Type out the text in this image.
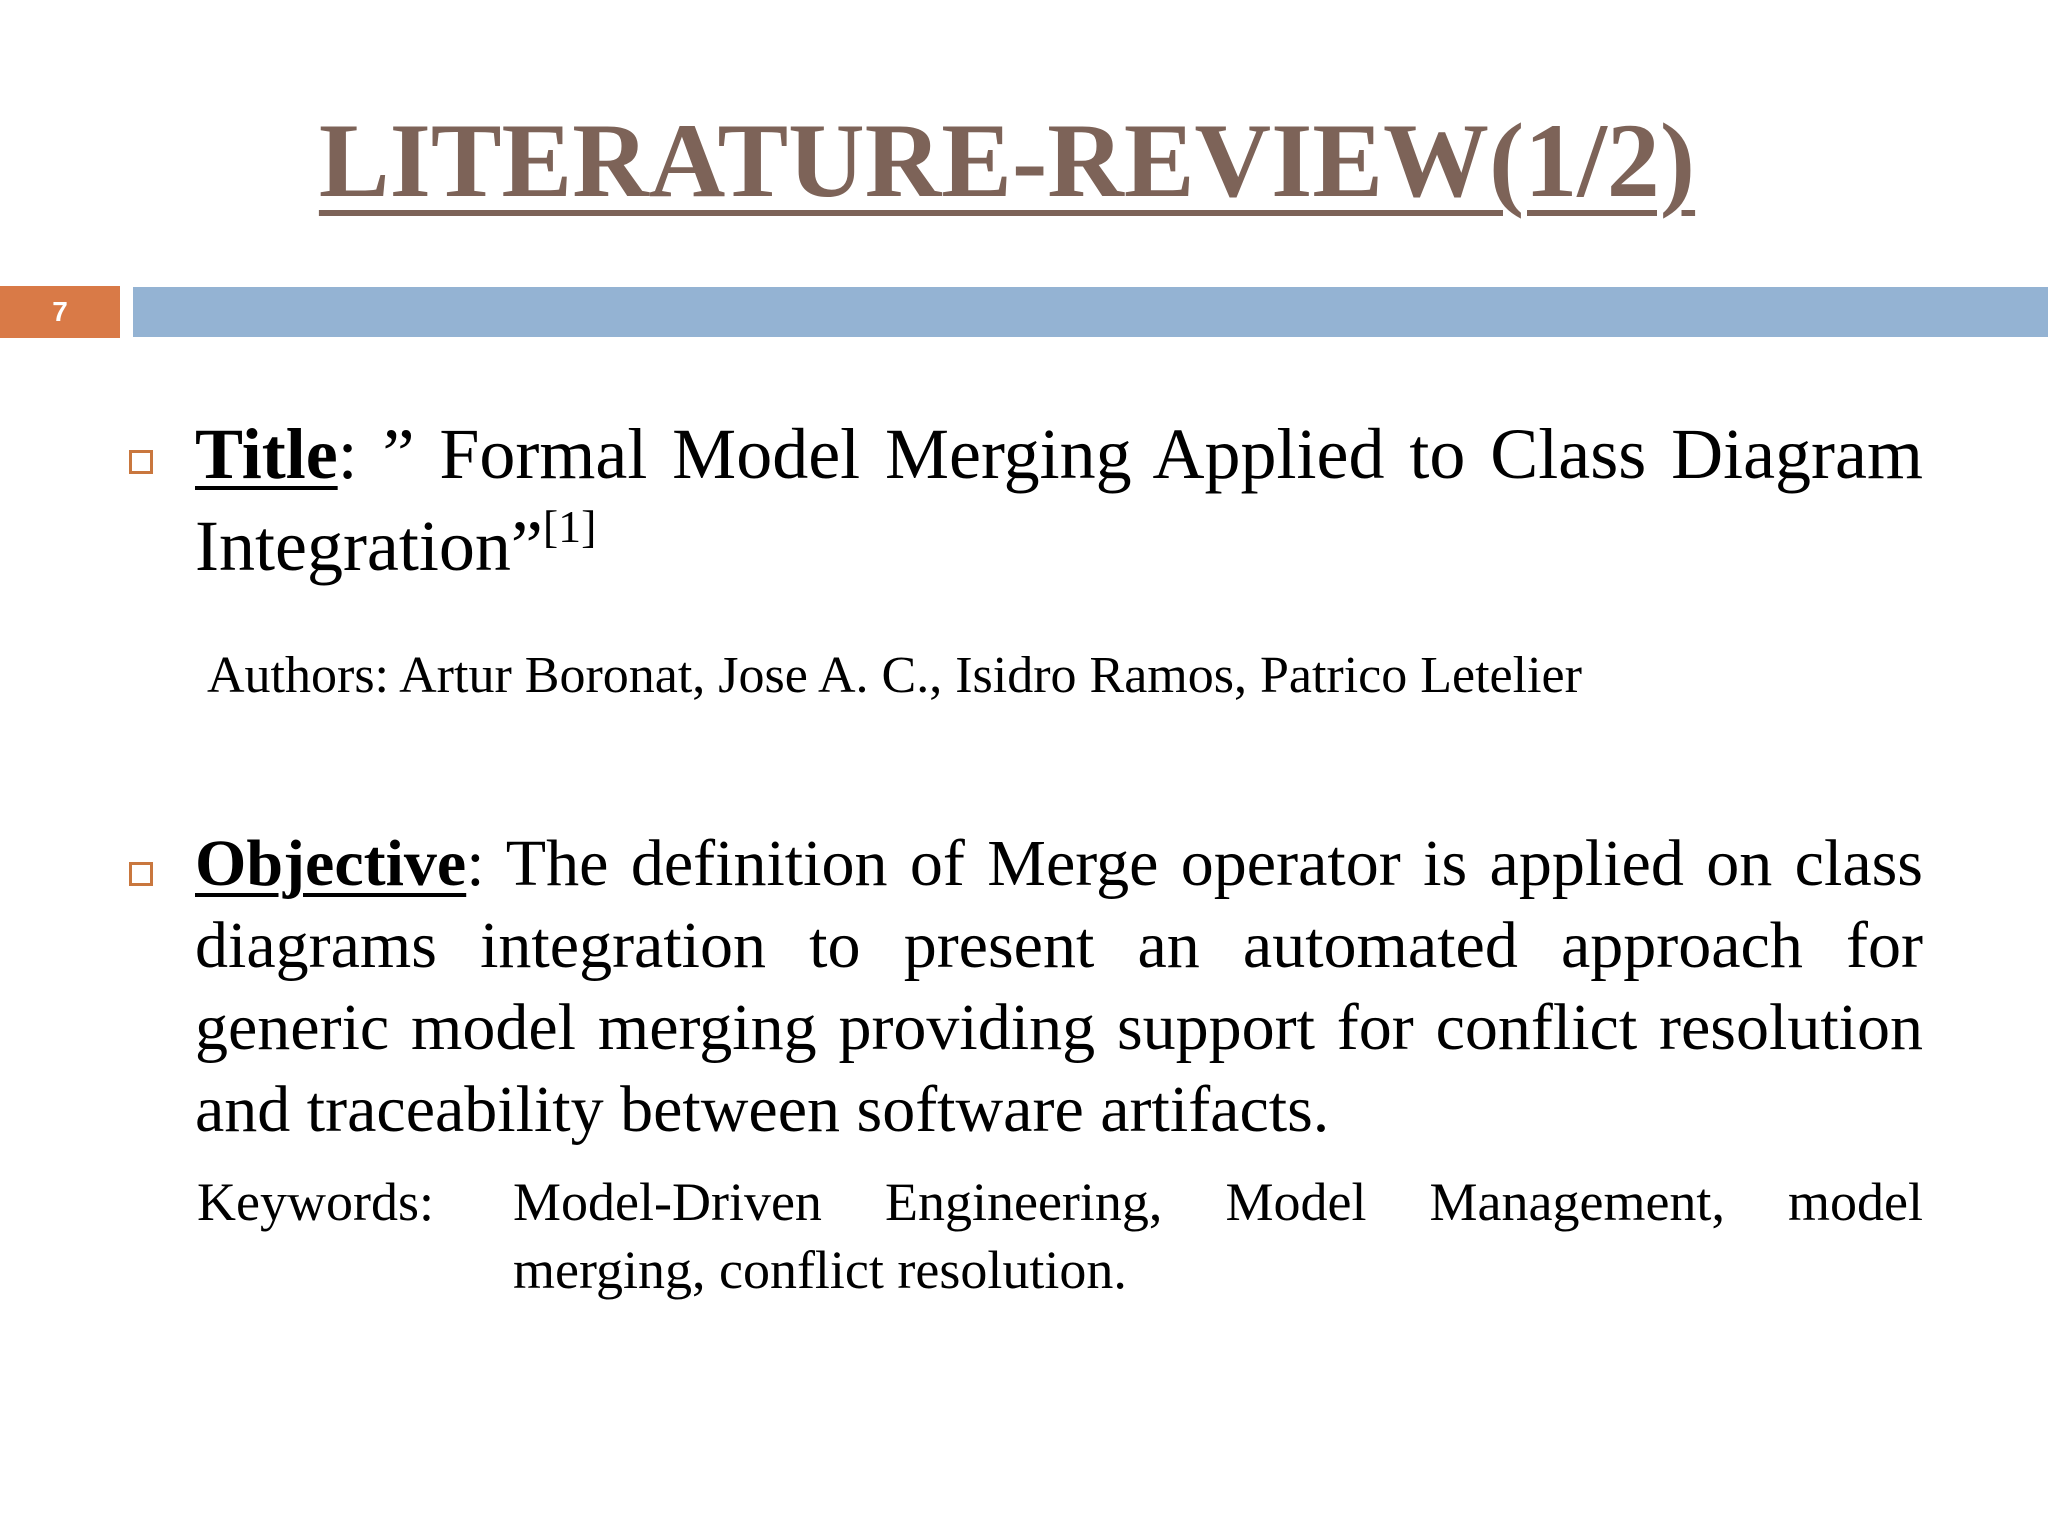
LITERATURE-REVIEW(1/2)
7
Title: ” Formal Model Merging Applied to Class Diagram Integration”[1]
Authors: Artur Boronat, Jose A. C., Isidro Ramos, Patrico Letelier
Objective: The definition of Merge operator is applied on class diagrams integration to present an automated approach for generic model merging providing support for conflict resolution and traceability between software artifacts.
Keywords:	Model-Driven Engineering, Model Management, model merging, conflict resolution.
